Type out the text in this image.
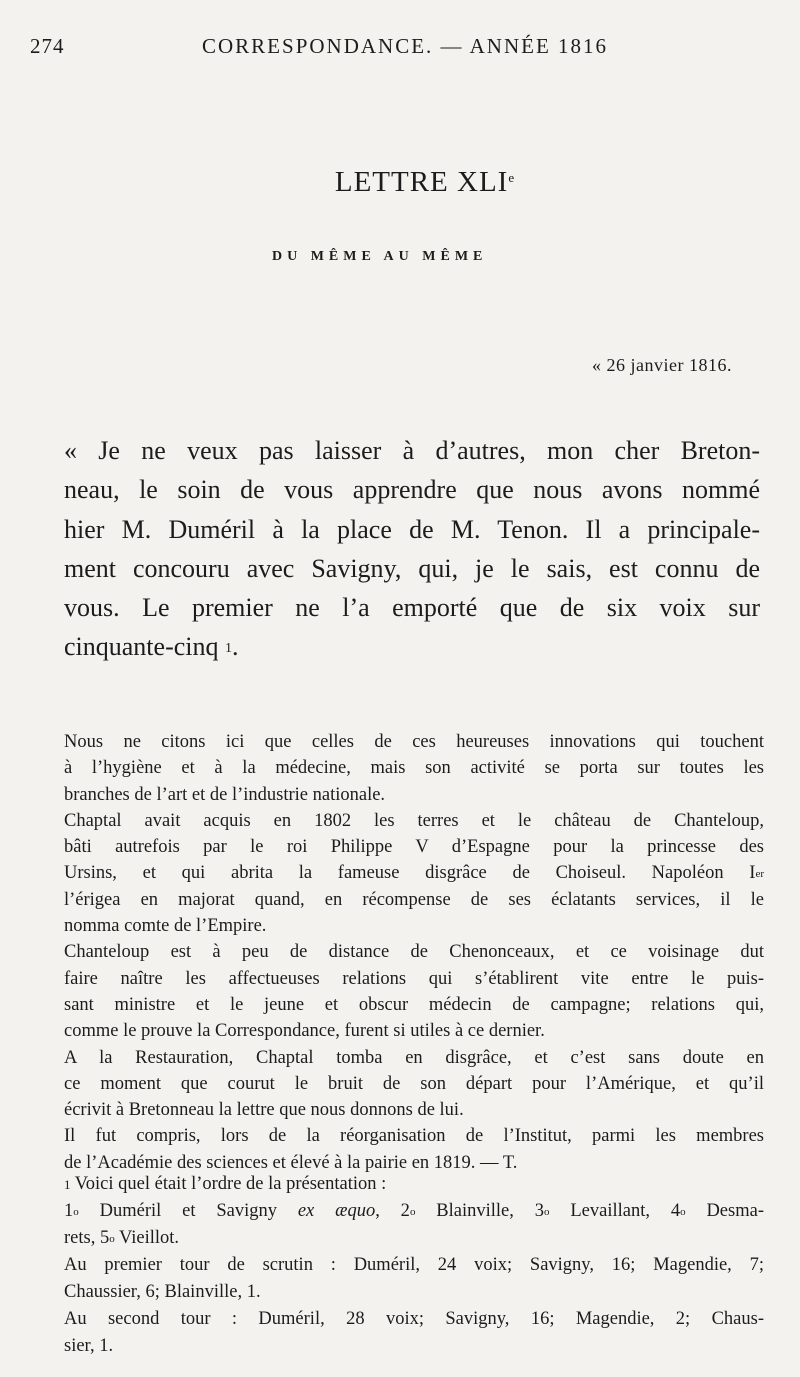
274	CORRESPONDANCE. — ANNÉE 1816
LETTRE XLIe
DU MÊME AU MÊME
« 26 janvier 1816.
« Je ne veux pas laisser à d’autres, mon cher Breton-
neau, le soin de vous apprendre que nous avons nommé
hier M. Duméril à la place de M. Tenon. Il a principale-
ment concouru avec Savigny, qui, je le sais, est connu de
vous. Le premier ne l’a emporté que de six voix sur
cinquante-cinq $^1$.
Nous ne citons ici que celles de ces heureuses innovations qui touchent
à l’hygiène et à la médecine, mais son activité se porta sur toutes les
branches de l’art et de l’industrie nationale.
Chaptal avait acquis en 1802 les terres et le château de Chanteloup,
bâti autrefois par le roi Philippe V d’Espagne pour la princesse des
Ursins, et qui abrita la fameuse disgrâce de Choiseul. Napoléon Ier
l’érigea en majorat quand, en récompense de ses éclatants services, il le
nomma comte de l’Empire.
Chanteloup est à peu de distance de Chenonceaux, et ce voisinage dut
faire naître les affectueuses relations qui s’établirent vite entre le puis-
sant ministre et le jeune et obscur médecin de campagne; relations qui,
comme le prouve la Correspondance, furent si utiles à ce dernier.
A la Restauration, Chaptal tomba en disgrâce, et c’est sans doute en
ce moment que courut le bruit de son départ pour l’Amérique, et qu’il
écrivit à Bretonneau la lettre que nous donnons de lui.
Il fut compris, lors de la réorganisation de l’Institut, parmi les membres
de l’Académie des sciences et élevé à la pairie en 1819. — T.
$^1$ Voici quel était l’ordre de la présentation :
1$^o$ Duméril et Savigny ex æquo, 2$^o$ Blainville, 3$^o$ Levaillant, 4$^o$ Desma-
rets, 5$^o$ Vieillot.
Au premier tour de scrutin : Duméril, 24 voix; Savigny, 16; Magendie, 7;
Chaussier, 6; Blainville, 1.
Au second tour : Duméril, 28 voix; Savigny, 16; Magendie, 2; Chaus-
sier, 1.
